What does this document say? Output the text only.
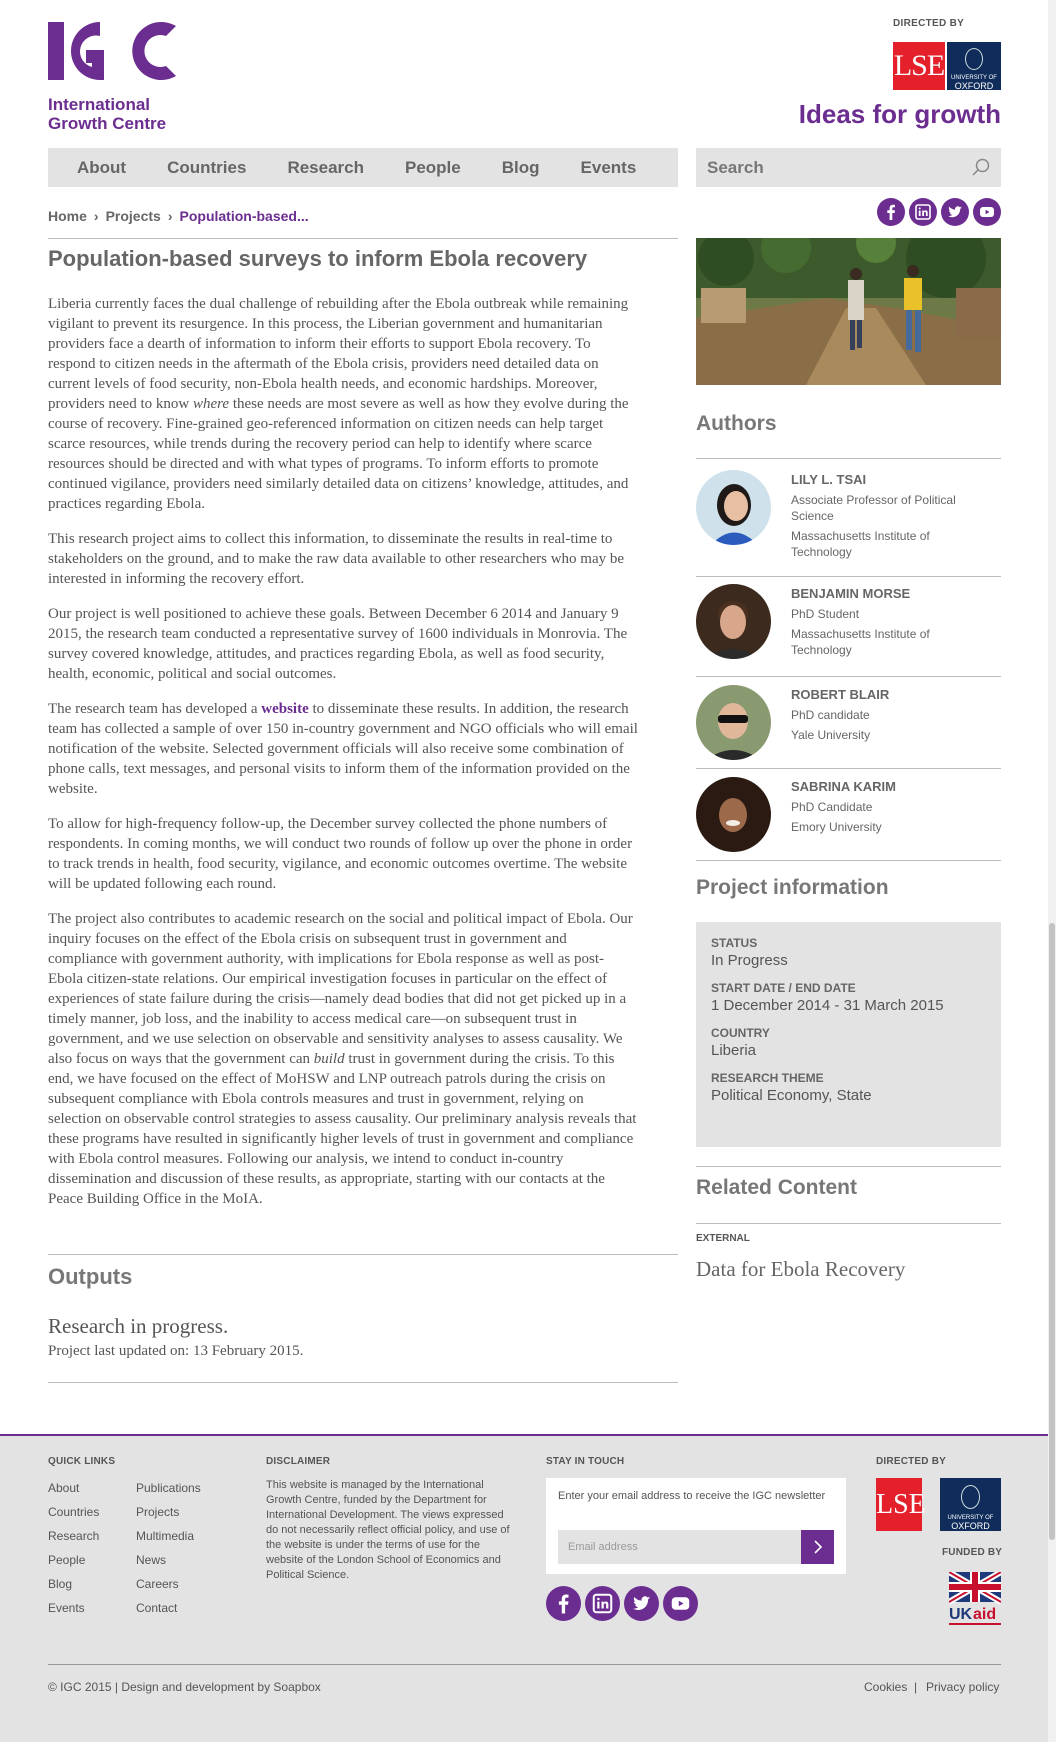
International Growth Centre
DIRECTED BY
LSE	UNIVERSITY OF
OXFORD
Ideas for growth
About Countries Research People Blog Events
Search
Home › Projects › Population-based...
Population-based surveys to inform Ebola recovery

Liberia currently faces the dual challenge of rebuilding after the Ebola outbreak while remaining vigilant to prevent its resurgence. In this process, the Liberian government and humanitarian providers face a dearth of information to inform their efforts to support Ebola recovery. To respond to citizen needs in the aftermath of the Ebola crisis, providers need detailed data on current levels of food security, non-Ebola health needs, and economic hardships. Moreover, providers need to know where these needs are most severe as well as how they evolve during the course of recovery. Fine-grained geo-referenced information on citizen needs can help target scarce resources, while trends during the recovery period can help to identify where scarce resources should be directed and with what types of programs. To inform efforts to promote continued vigilance, providers need similarly detailed data on citizens’ knowledge, attitudes, and practices regarding Ebola.

This research project aims to collect this information, to disseminate the results in real-time to stakeholders on the ground, and to make the raw data available to other researchers who may be interested in informing the recovery effort.

Our project is well positioned to achieve these goals. Between December 6 2014 and January 9 2015, the research team conducted a representative survey of 1600 individuals in Monrovia. The survey covered knowledge, attitudes, and practices regarding Ebola, as well as food security, health, economic, political and social outcomes.

The research team has developed a website to disseminate these results. In addition, the research team has collected a sample of over 150 in-country government and NGO officials who will email notification of the website. Selected government officials will also receive some combination of phone calls, text messages, and personal visits to inform them of the information provided on the website.

To allow for high-frequency follow-up, the December survey collected the phone numbers of respondents. In coming months, we will conduct two rounds of follow up over the phone in order to track trends in health, food security, vigilance, and economic outcomes overtime. The website will be updated following each round.

The project also contributes to academic research on the social and political impact of Ebola. Our inquiry focuses on the effect of the Ebola crisis on subsequent trust in government and compliance with government authority, with implications for Ebola response as well as post-Ebola citizen-state relations. Our empirical investigation focuses in particular on the effect of experiences of state failure during the crisis—namely dead bodies that did not get picked up in a timely manner, job loss, and the inability to access medical care—on subsequent trust in government, and we use selection on observable and sensitivity analyses to assess causality. We also focus on ways that the government can build trust in government during the crisis. To this end, we have focused on the effect of MoHSW and LNP outreach patrols during the crisis on subsequent compliance with Ebola controls measures and trust in government, relying on selection on observable control strategies to assess causality. Our preliminary analysis reveals that these programs have resulted in significantly higher levels of trust in government and compliance with Ebola control measures. Following our analysis, we intend to conduct in-country dissemination and discussion of these results, as appropriate, starting with our contacts at the Peace Building Office in the MoIA.

Outputs
Research in progress.
Project last updated on: 13 February 2015.
Authors
LILY L. TSAI
Associate Professor of Political Science
Massachusetts Institute of Technology
BENJAMIN MORSE
PhD Student
Massachusetts Institute of Technology
ROBERT BLAIR
PhD candidate
Yale University
SABRINA KARIM
PhD Candidate
Emory University
Project information
STATUS
In Progress
START DATE / END DATE
1 December 2014 - 31 March 2015
COUNTRY
Liberia
RESEARCH THEME
Political Economy, State
Related Content
EXTERNAL
Data for Ebola Recovery
QUICK LINKS
About
Countries
Research
People
Blog
Events
Publications
Projects
Multimedia
News
Careers
Contact
DISCLAIMER
This website is managed by the International Growth Centre, funded by the Department for International Development. The views expressed do not necessarily reflect official policy, and use of the website is under the terms of use for the website of the London School of Economics and Political Science.
STAY IN TOUCH
Enter your email address to receive the IGC newsletter
Email address
DIRECTED BY
LSE	UNIVERSITY OF
OXFORD
FUNDED BY
UK aid
© IGC 2015 | Design and development by Soapbox	Cookies | Privacy policy
